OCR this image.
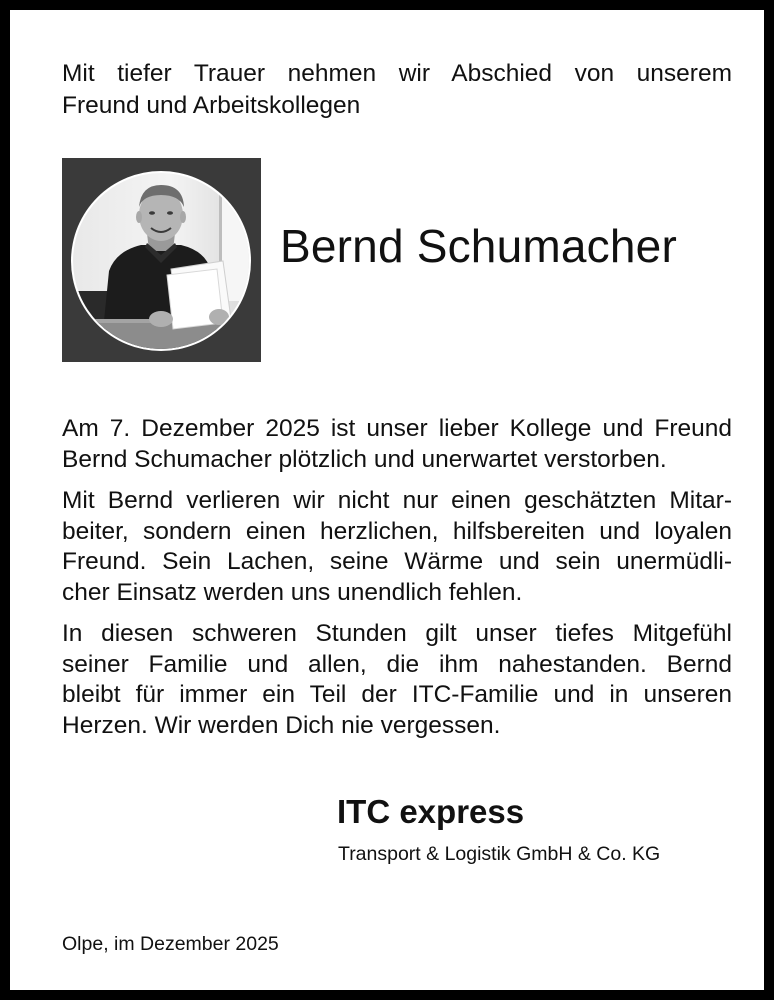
Mit tiefer Trauer nehmen wir Abschied von unserem
Freund und Arbeitskollegen

Bernd Schumacher

Am 7. Dezember 2025 ist unser lieber Kollege und Freund
Bernd Schumacher plötzlich und unerwartet verstorben.

Mit Bernd verlieren wir nicht nur einen geschätzten Mitar-
beiter, sondern einen herzlichen, hilfsbereiten und loyalen
Freund. Sein Lachen, seine Wärme und sein unermüdli-
cher Einsatz werden uns unendlich fehlen.

In diesen schweren Stunden gilt unser tiefes Mitgefühl
seiner Familie und allen, die ihm nahestanden. Bernd
bleibt für immer ein Teil der ITC-Familie und in unseren
Herzen. Wir werden Dich nie vergessen.

ITC express

Transport & Logistik GmbH & Co. KG

Olpe, im Dezember 2025
